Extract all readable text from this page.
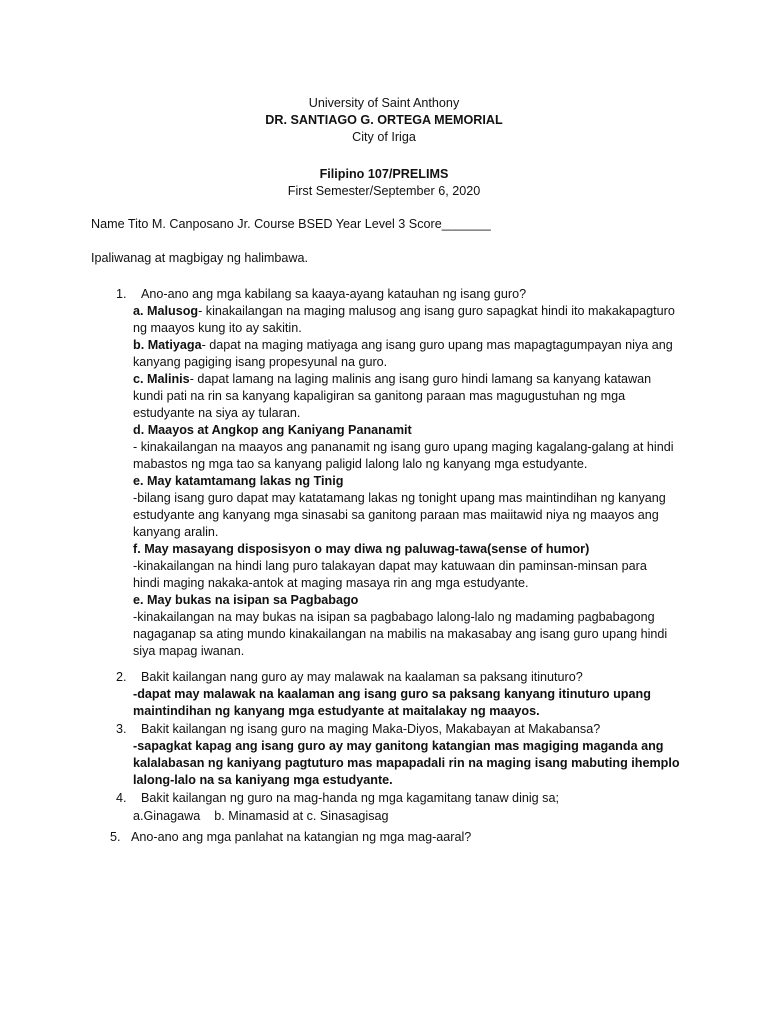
University of Saint Anthony
DR. SANTIAGO G. ORTEGA MEMORIAL
City of Iriga
Filipino 107/PRELIMS
First Semester/September 6, 2020
Name Tito M. Canposano Jr. Course BSED Year Level 3 Score_______
Ipaliwanag at magbigay ng halimbawa.
1.	Ano-ano ang mga kabilang sa kaaya-ayang katauhan ng isang guro?
a. Malusog- kinakailangan na maging malusog ang isang guro sapagkat hindi ito makakapagturo
ng maayos kung ito ay sakitin.
b. Matiyaga- dapat na maging matiyaga ang isang guro upang mas mapagtagumpayan niya ang
kanyang pagiging isang propesyunal na guro.
c. Malinis- dapat lamang na laging malinis ang isang guro hindi lamang sa kanyang katawan
kundi pati na rin sa kanyang kapaligiran sa ganitong paraan mas magugustuhan ng mga
estudyante na siya ay tularan.
d. Maayos at Angkop ang Kaniyang Pananamit
- kinakailangan na maayos ang pananamit ng isang guro upang maging kagalang-galang at hindi
mabastos ng mga tao sa kanyang paligid lalong lalo ng kanyang mga estudyante.
e. May katamtamang lakas ng Tinig
-bilang isang guro dapat may katatamang lakas ng tonight upang mas maintindihan ng kanyang
estudyante ang kanyang mga sinasabi sa ganitong paraan mas maiitawid niya ng maayos ang
kanyang aralin.
f. May masayang disposisyon o may diwa ng paluwag-tawa(sense of humor)
-kinakailangan na hindi lang puro talakayan dapat may katuwaan din paminsan-minsan para
hindi maging nakaka-antok at maging masaya rin ang mga estudyante.
e. May bukas na isipan sa Pagbabago
-kinakailangan na may bukas na isipan sa pagbabago lalong-lalo ng madaming pagbabagong
nagaganap sa ating mundo kinakailangan na mabilis na makasabay ang isang guro upang hindi
siya mapag iwanan.
2.	Bakit kailangan nang guro ay may malawak na kaalaman sa paksang itinuturo?
-dapat may malawak na kaalaman ang isang guro sa paksang kanyang itinuturo upang
maintindihan ng kanyang mga estudyante at maitalakay ng maayos.
3.	Bakit kailangan ng isang guro na maging Maka-Diyos, Makabayan at Makabansa?
-sapagkat kapag ang isang guro ay may ganitong katangian mas magiging maganda ang
kalalabasan ng kaniyang pagtuturo mas mapapadali rin na maging isang mabuting ihemplo
lalong-lalo na sa kaniyang mga estudyante.
4.	Bakit kailangan ng guro na mag-handa ng mga kagamitang tanaw dinig sa;
a.Ginagawa    b. Minamasid at c. Sinasagisag
5. Ano-ano ang mga panlahat na katangian ng mga mag-aaral?
